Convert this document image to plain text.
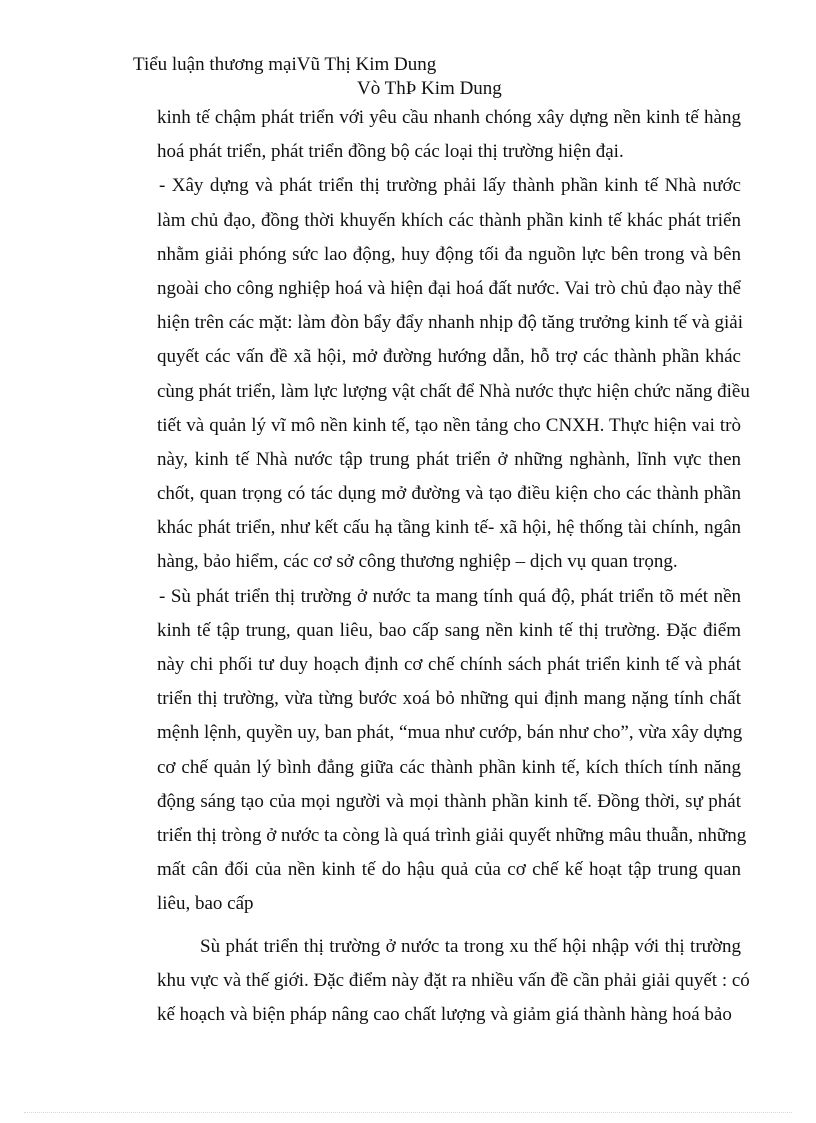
Tiểu luận thương mạiVũ Thị Kim Dung
Vò ThÞ Kim Dung
kinh tế chậm phát triển với yêu cầu nhanh chóng xây dựng nền kinh tế hàng
hoá phát triển, phát triển đồng bộ các loại thị trường hiện đại.
- Xây dựng và phát triển thị trường phải lấy thành phần kinh tế Nhà nước
làm chủ đạo, đồng thời khuyến khích các thành phần kinh tế khác phát triển
nhằm giải phóng sức lao động, huy động tối đa nguồn lực bên trong và bên
ngoài cho công nghiệp hoá và hiện đại hoá đất nước. Vai trò chủ đạo này thể
hiện trên các mặt: làm đòn bẩy đẩy nhanh nhịp độ tăng trưởng kinh tế và giải
quyết các vấn đề xã hội, mở đường hướng dẫn, hỗ trợ các thành phần khác
cùng phát triển, làm lực lượng vật chất để Nhà nước thực hiện chức năng điều
tiết và quản lý vĩ mô nền kinh tế, tạo nền tảng cho CNXH. Thực hiện vai trò
này, kinh tế Nhà nước tập trung phát triển ở những nghành, lĩnh vực then
chốt, quan trọng có tác dụng mở đường và tạo điều kiện cho các thành phần
khác phát triển, như kết cấu hạ tầng kinh tế- xã hội, hệ thống tài chính, ngân
hàng, bảo hiểm, các cơ sở công thương nghiệp – dịch vụ quan trọng.
- Sù phát triển thị trường ở nước ta mang tính quá độ, phát triển tõ mét nền
kinh tế tập trung, quan liêu, bao cấp sang nền kinh tế thị trường. Đặc điểm
này chi phối tư duy hoạch định cơ chế chính sách phát triển kinh tế và phát
triển thị trường, vừa từng bước xoá bỏ những qui định mang nặng tính chất
mệnh lệnh, quyền uy, ban phát, “mua như cướp, bán như cho”, vừa xây dựng
cơ chế quản lý bình đẳng giữa các thành phần kinh tế, kích thích tính năng
động sáng tạo của mọi người và mọi thành phần kinh tế. Đồng thời, sự phát
triển thị tròng ở nước ta còng là quá trình giải quyết những mâu thuẫn, những
mất cân đối của nền kinh tế do hậu quả của cơ chế kế hoạt tập trung quan
liêu, bao cấp
Sù phát triển thị trường ở nước ta trong xu thế hội nhập với thị trường
khu vực và thế giới. Đặc điểm này đặt ra nhiều vấn đề cần phải giải quyết : có
kế hoạch và biện pháp nâng cao chất lượng và giảm giá thành hàng hoá bảo
